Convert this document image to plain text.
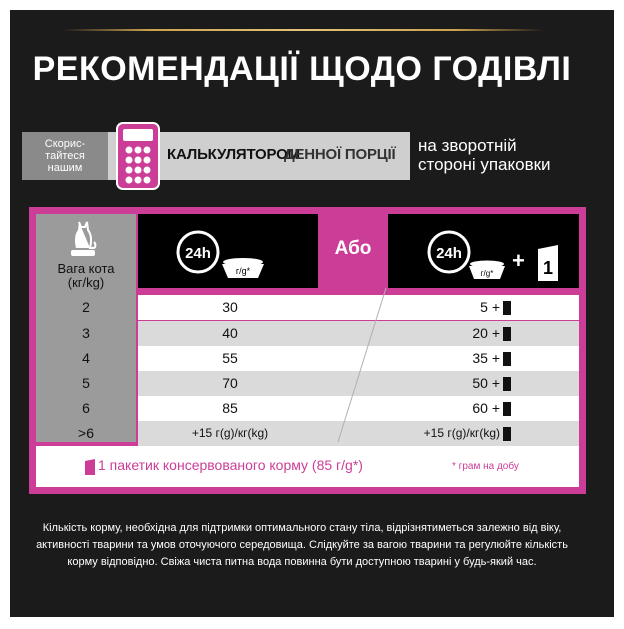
РЕКОМЕНДАЦІЇ ЩОДО ГОДІВЛІ
Скорис-
тайтеся
нашим
КАЛЬКУЛЯТОРОМ
ДЕННОЇ ПОРЦІЇ на зворотній
стороні упаковки
Або
24h
г/g*
24h
г/g*
+ 1
Вага кота
(кг/kg)
2	30	5 +
3	40	20 +
4	55	35 +
5	70	50 +
6	85	60 +
>6	+15 г(g)/кг(kg)	+15 г(g)/кг(kg)
1 пакетик консервованого корму (85 г/g*)	* грам на добу
Кількість корму, необхідна для підтримки оптимального стану тіла, відрізнятиметься залежно від віку, активності тварини та умов оточуючого середовища. Слідкуйте за вагою тварини та регулюйте кількість корму відповідно. Свіжа чиста питна вода повинна бути доступною тварині у будь-який час.
